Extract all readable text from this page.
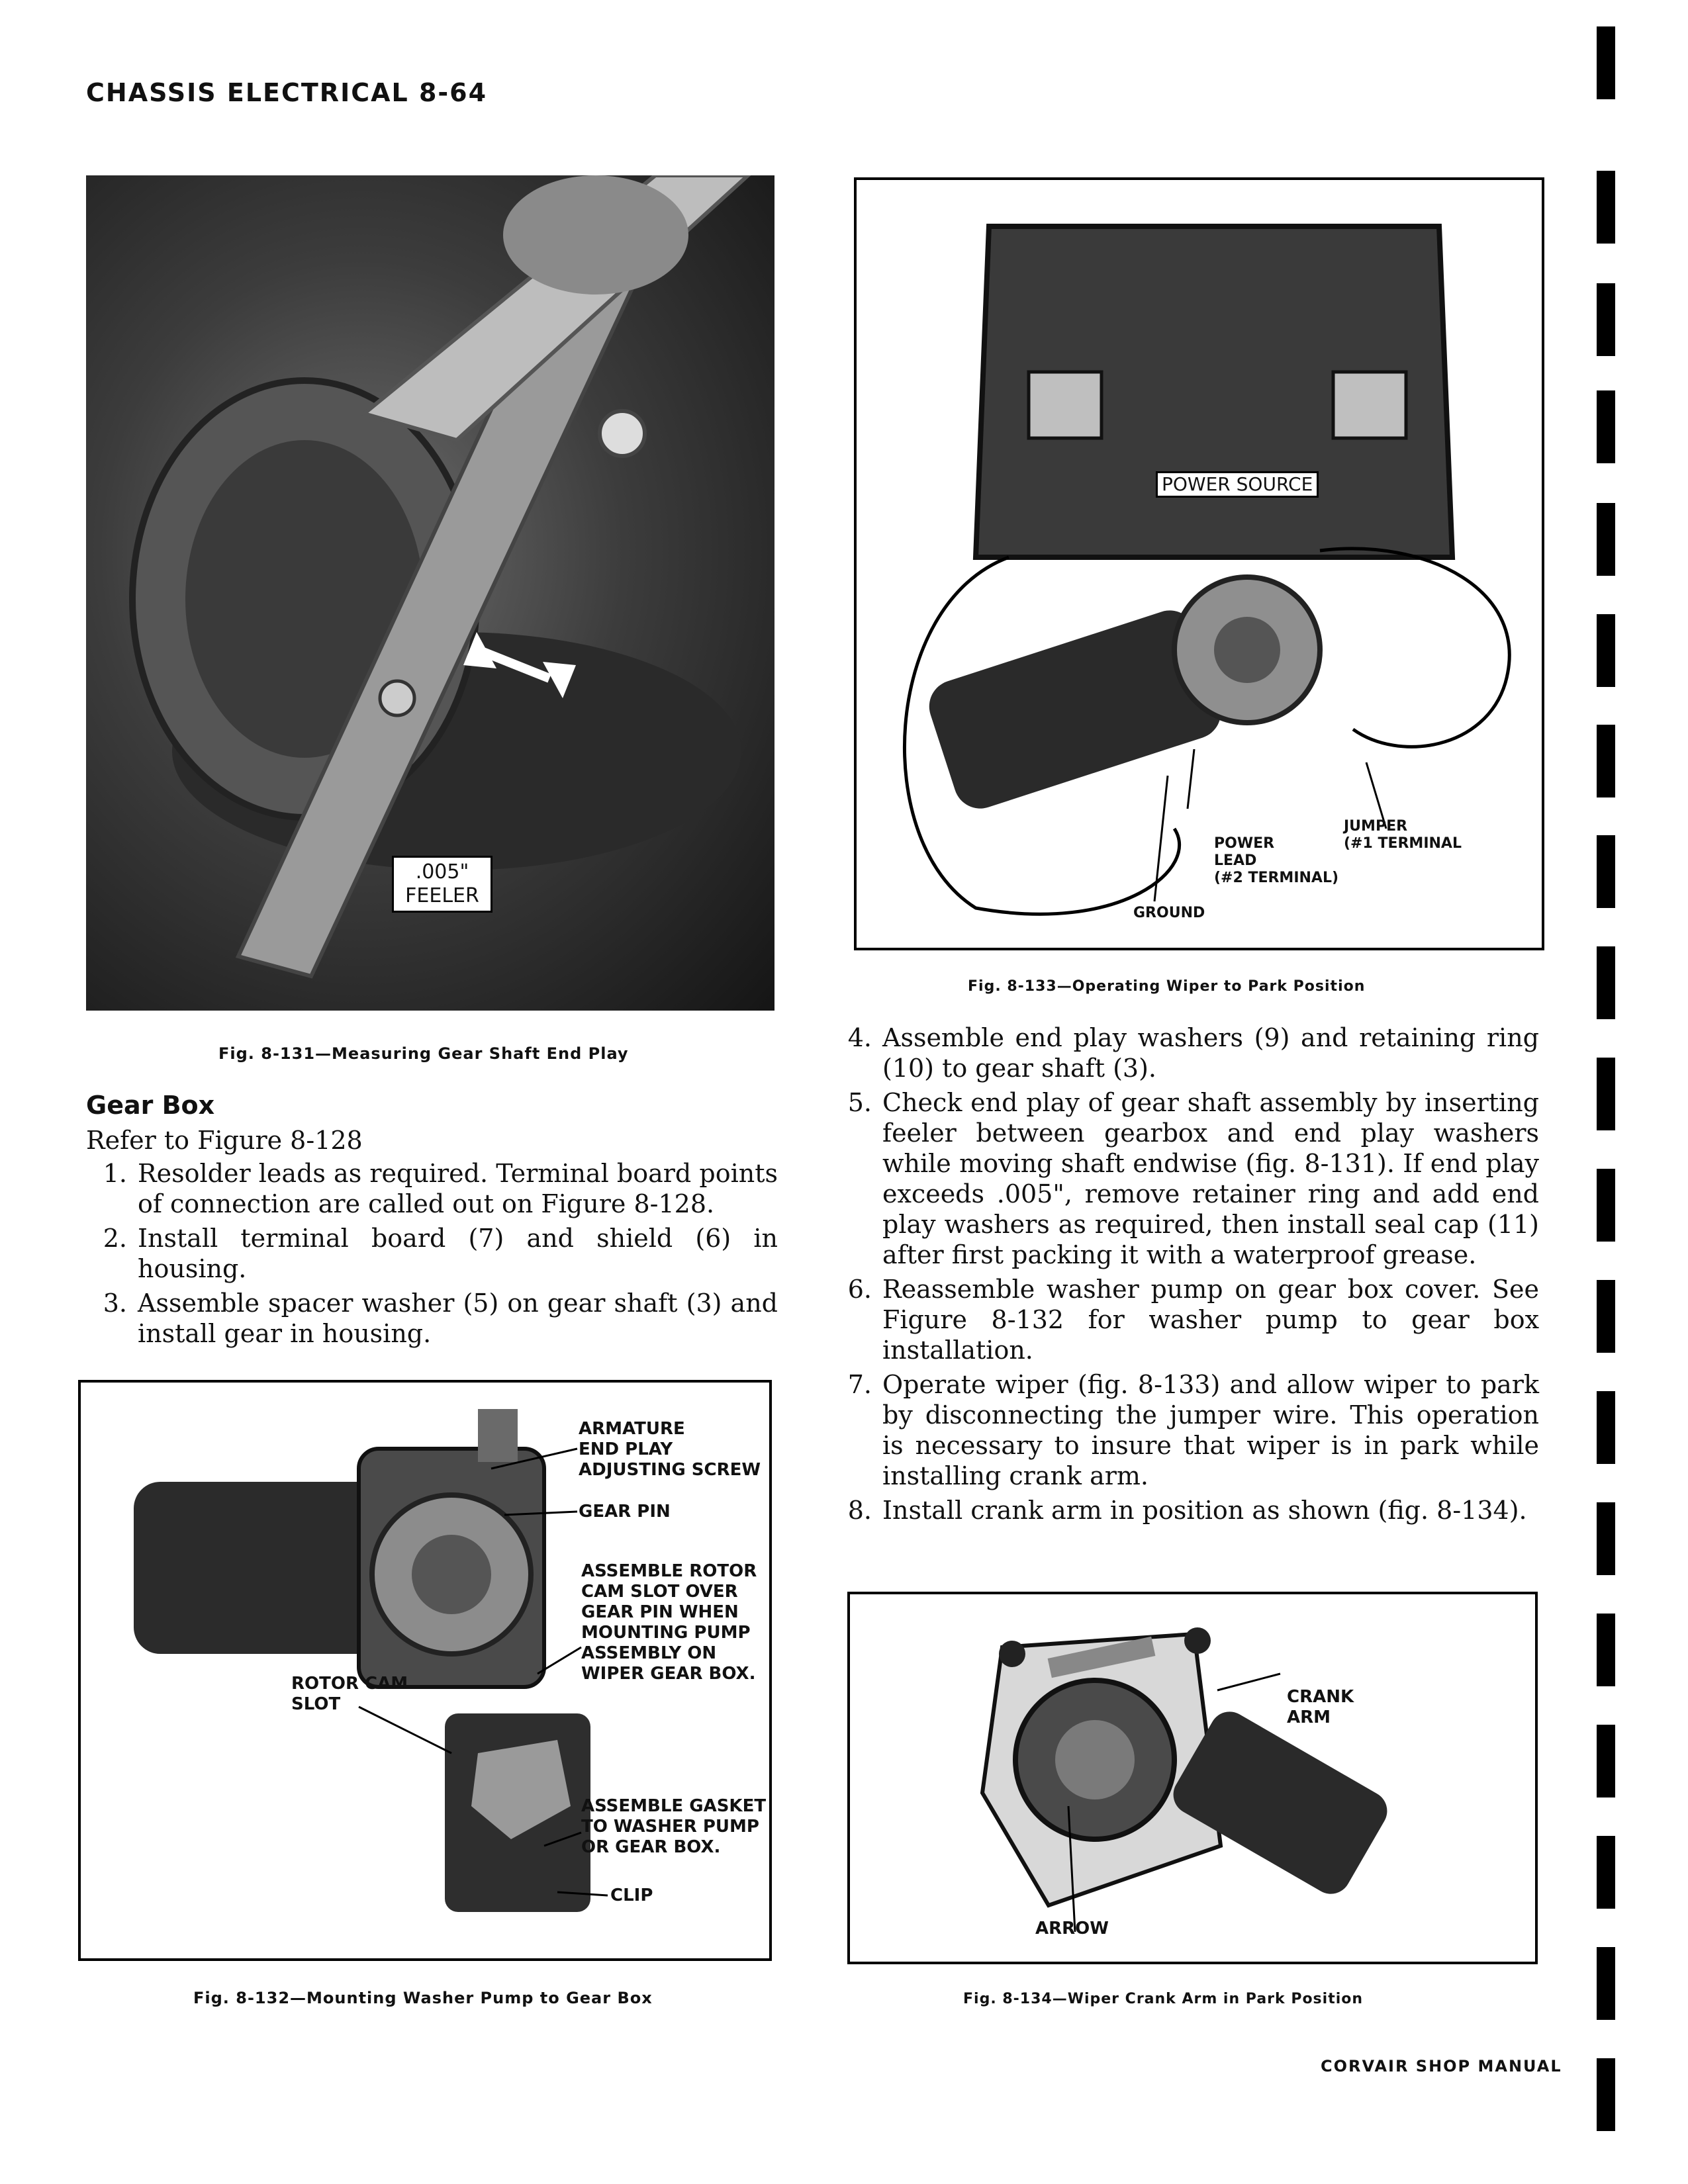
CHASSIS ELECTRICAL 8-64
.005"
FEELER
Fig. 8-131—Measuring Gear Shaft End Play
Gear Box
Refer to Figure 8-128
1. Resolder leads as required. Terminal board points of connection are called out on Figure 8-128.
2. Install terminal board (7) and shield (6) in housing.
3. Assemble spacer washer (5) on gear shaft (3) and install gear in housing.
ARMATURE
END PLAY
ADJUSTING SCREW
GEAR PIN
ASSEMBLE ROTOR
CAM SLOT OVER
GEAR PIN WHEN
MOUNTING PUMP
ASSEMBLY ON
WIPER GEAR BOX.
ROTOR CAM
SLOT
ASSEMBLE GASKET
TO WASHER PUMP
OR GEAR BOX.
CLIP
Fig. 8-132—Mounting Washer Pump to Gear Box
POWER SOURCE
JUMPER
(#1 TERMINAL
POWER
LEAD
(#2 TERMINAL)
GROUND
Fig. 8-133—Operating Wiper to Park Position
4. Assemble end play washers (9) and retaining ring (10) to gear shaft (3).
5. Check end play of gear shaft assembly by inserting feeler between gearbox and end play washers while moving shaft endwise (fig. 8-131). If end play exceeds .005", remove retainer ring and add end play washers as required, then install seal cap (11) after first packing it with a waterproof grease.
6. Reassemble washer pump on gear box cover. See Figure 8-132 for washer pump to gear box installation.
7. Operate wiper (fig. 8-133) and allow wiper to park by disconnecting the jumper wire. This operation is necessary to insure that wiper is in park while installing crank arm.
8. Install crank arm in position as shown (fig. 8-134).
CRANK
ARM
ARROW
Fig. 8-134—Wiper Crank Arm in Park Position
CORVAIR SHOP MANUAL
